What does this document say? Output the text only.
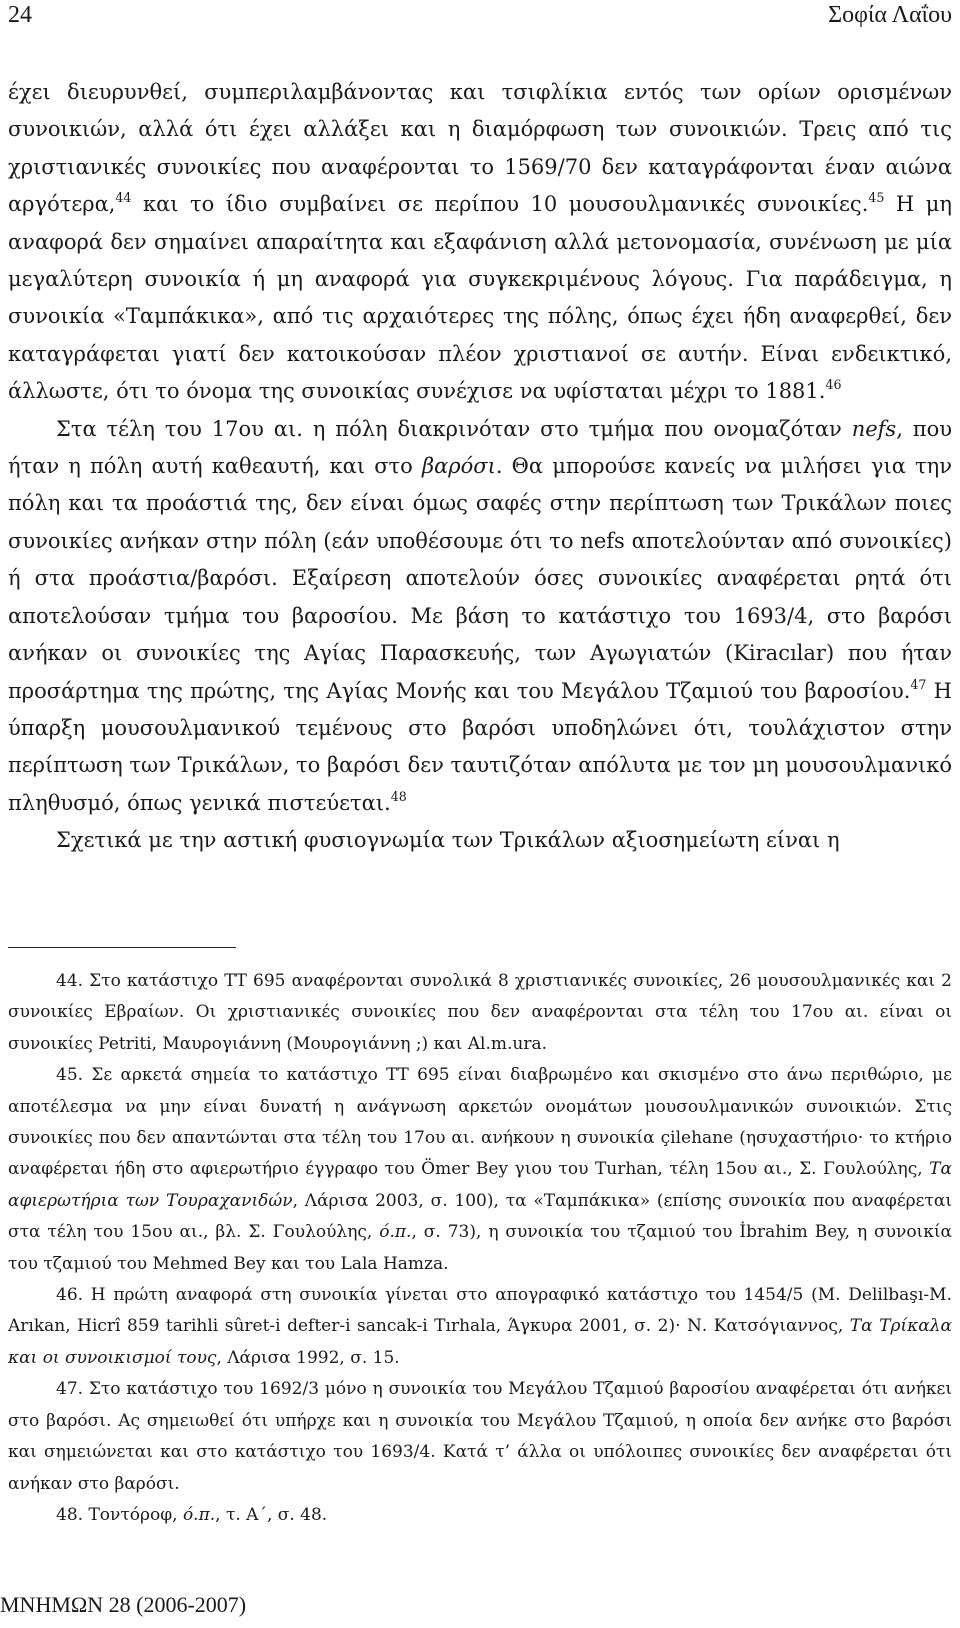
24	Σοφία Λαΐου

έχει διευρυνθεί, συμπεριλαμβάνοντας και τσιφλίκια εντός των ορίων ορισμένων συνοικιών, αλλά ότι έχει αλλάξει και η διαμόρφωση των συνοικιών. Τρεις από τις χριστιανικές συνοικίες που αναφέρονται το 1569/70 δεν καταγράφονται έναν αιώνα αργότερα,$^{44}$ και το ίδιο συμβαίνει σε περίπου 10 μουσουλμανικές συνοικίες.$^{45}$ Η μη αναφορά δεν σημαίνει απαραίτητα και εξαφάνιση αλλά μετονομασία, συνένωση με μία μεγαλύτερη συνοικία ή μη αναφορά για συγκεκριμένους λόγους. Για παράδειγμα, η συνοικία «Ταμπάκικα», από τις αρχαιότερες της πόλης, όπως έχει ήδη αναφερθεί, δεν καταγράφεται γιατί δεν κατοικούσαν πλέον χριστιανοί σε αυτήν. Είναι ενδεικτικό, άλλωστε, ότι το όνομα της συνοικίας συνέχισε να υφίσταται μέχρι το 1881.46

Στα τέλη του 17ου αι. η πόλη διακρινόταν στο τμήμα που ονομαζόταν nefs, που ήταν η πόλη αυτή καθεαυτή, και στο βαρόσι. Θα μπορούσε κανείς να μιλήσει για την πόλη και τα προάστιά της, δεν είναι όμως σαφές στην περίπτωση των Τρικάλων ποιες συνοικίες ανήκαν στην πόλη (εάν υποθέσουμε ότι το nefs αποτελούνταν από συνοικίες) ή στα προάστια/βαρόσι. Εξαίρεση αποτελούν όσες συνοικίες αναφέρεται ρητά ότι αποτελούσαν τμήμα του βαροσίου. Με βάση το κατάστιχο του 1693/4, στο βαρόσι ανήκαν οι συνοικίες της Αγίας Παρασκευής, των Αγωγιατών (Kiracılar) που ήταν προσάρτημα της πρώτης, της Αγίας Μονής και του Μεγάλου Τζαμιού του βαροσίου.$^{47}$ Η ύπαρξη μουσουλμανικού τεμένους στο βαρόσι υποδηλώνει ότι, τουλάχιστον στην περίπτωση των Τρικάλων, το βαρόσι δεν ταυτιζόταν απόλυτα με τον μη μουσουλμανικό πληθυσμό, όπως γενικά πιστεύεται.$^{48}$

Σχετικά με την αστική φυσιογνωμία των Τρικάλων αξιοσημείωτη είναι η

44. Στο κατάστιχο ΤΤ 695 αναφέρονται συνολικά 8 χριστιανικές συνοικίες, 26 μουσουλμανικές και 2 συνοικίες Εβραίων. Οι χριστιανικές συνοικίες που δεν αναφέρονται στα τέλη του 17ου αι. είναι οι συνοικίες Petriti, Μαυρογιάννη (Μουρογιάννη ;) και Al.m.ura.

45. Σε αρκετά σημεία το κατάστιχο ΤΤ 695 είναι διαβρωμένο και σκισμένο στο άνω περιθώριο, με αποτέλεσμα να μην είναι δυνατή η ανάγνωση αρκετών ονομάτων μουσουλμανικών συνοικιών. Στις συνοικίες που δεν απαντώνται στα τέλη του 17ου αι. ανήκουν η συνοικία çilehane (ησυχαστήριο· το κτήριο αναφέρεται ήδη στο αφιερωτήριο έγγραφο του Ömer Bey γιου του Turhan, τέλη 15ου αι., Σ. Γουλούλης, Τα αφιερωτήρια των Τουραχανιδών, Λάρισα 2003, σ. 100), τα «Ταμπάκικα» (επίσης συνοικία που αναφέρεται στα τέλη του 15ου αι., βλ. Σ. Γουλούλης, ό.π., σ. 73), η συνοικία του τζαμιού του İbrahim Bey, η συνοικία του τζαμιού του Mehmed Bey και του Lala Hamza.

46. Η πρώτη αναφορά στη συνοικία γίνεται στο απογραφικό κατάστιχο του 1454/5 (M. Delilbaşı-M. Arıkan, Hicrî 859 tarihli sûret-i defter-i sancak-i Tırhala, Άγκυρα 2001, σ. 2)· Ν. Κατσόγιαννος, Τα Τρίκαλα και οι συνοικισμοί τους, Λάρισα 1992, σ. 15.

47. Στο κατάστιχο του 1692/3 μόνο η συνοικία του Μεγάλου Τζαμιού βαροσίου αναφέρεται ότι ανήκει στο βαρόσι. Ας σημειωθεί ότι υπήρχε και η συνοικία του Μεγάλου Τζαμιού, η οποία δεν ανήκε στο βαρόσι και σημειώνεται και στο κατάστιχο του 1693/4. Κατά τ’ άλλα οι υπόλοιπες συνοικίες δεν αναφέρεται ότι ανήκαν στο βαρόσι.

48. Τοντόροφ, ό.π., τ. Α΄, σ. 48.

ΜΝΗΜΩΝ 28 (2006-2007)
